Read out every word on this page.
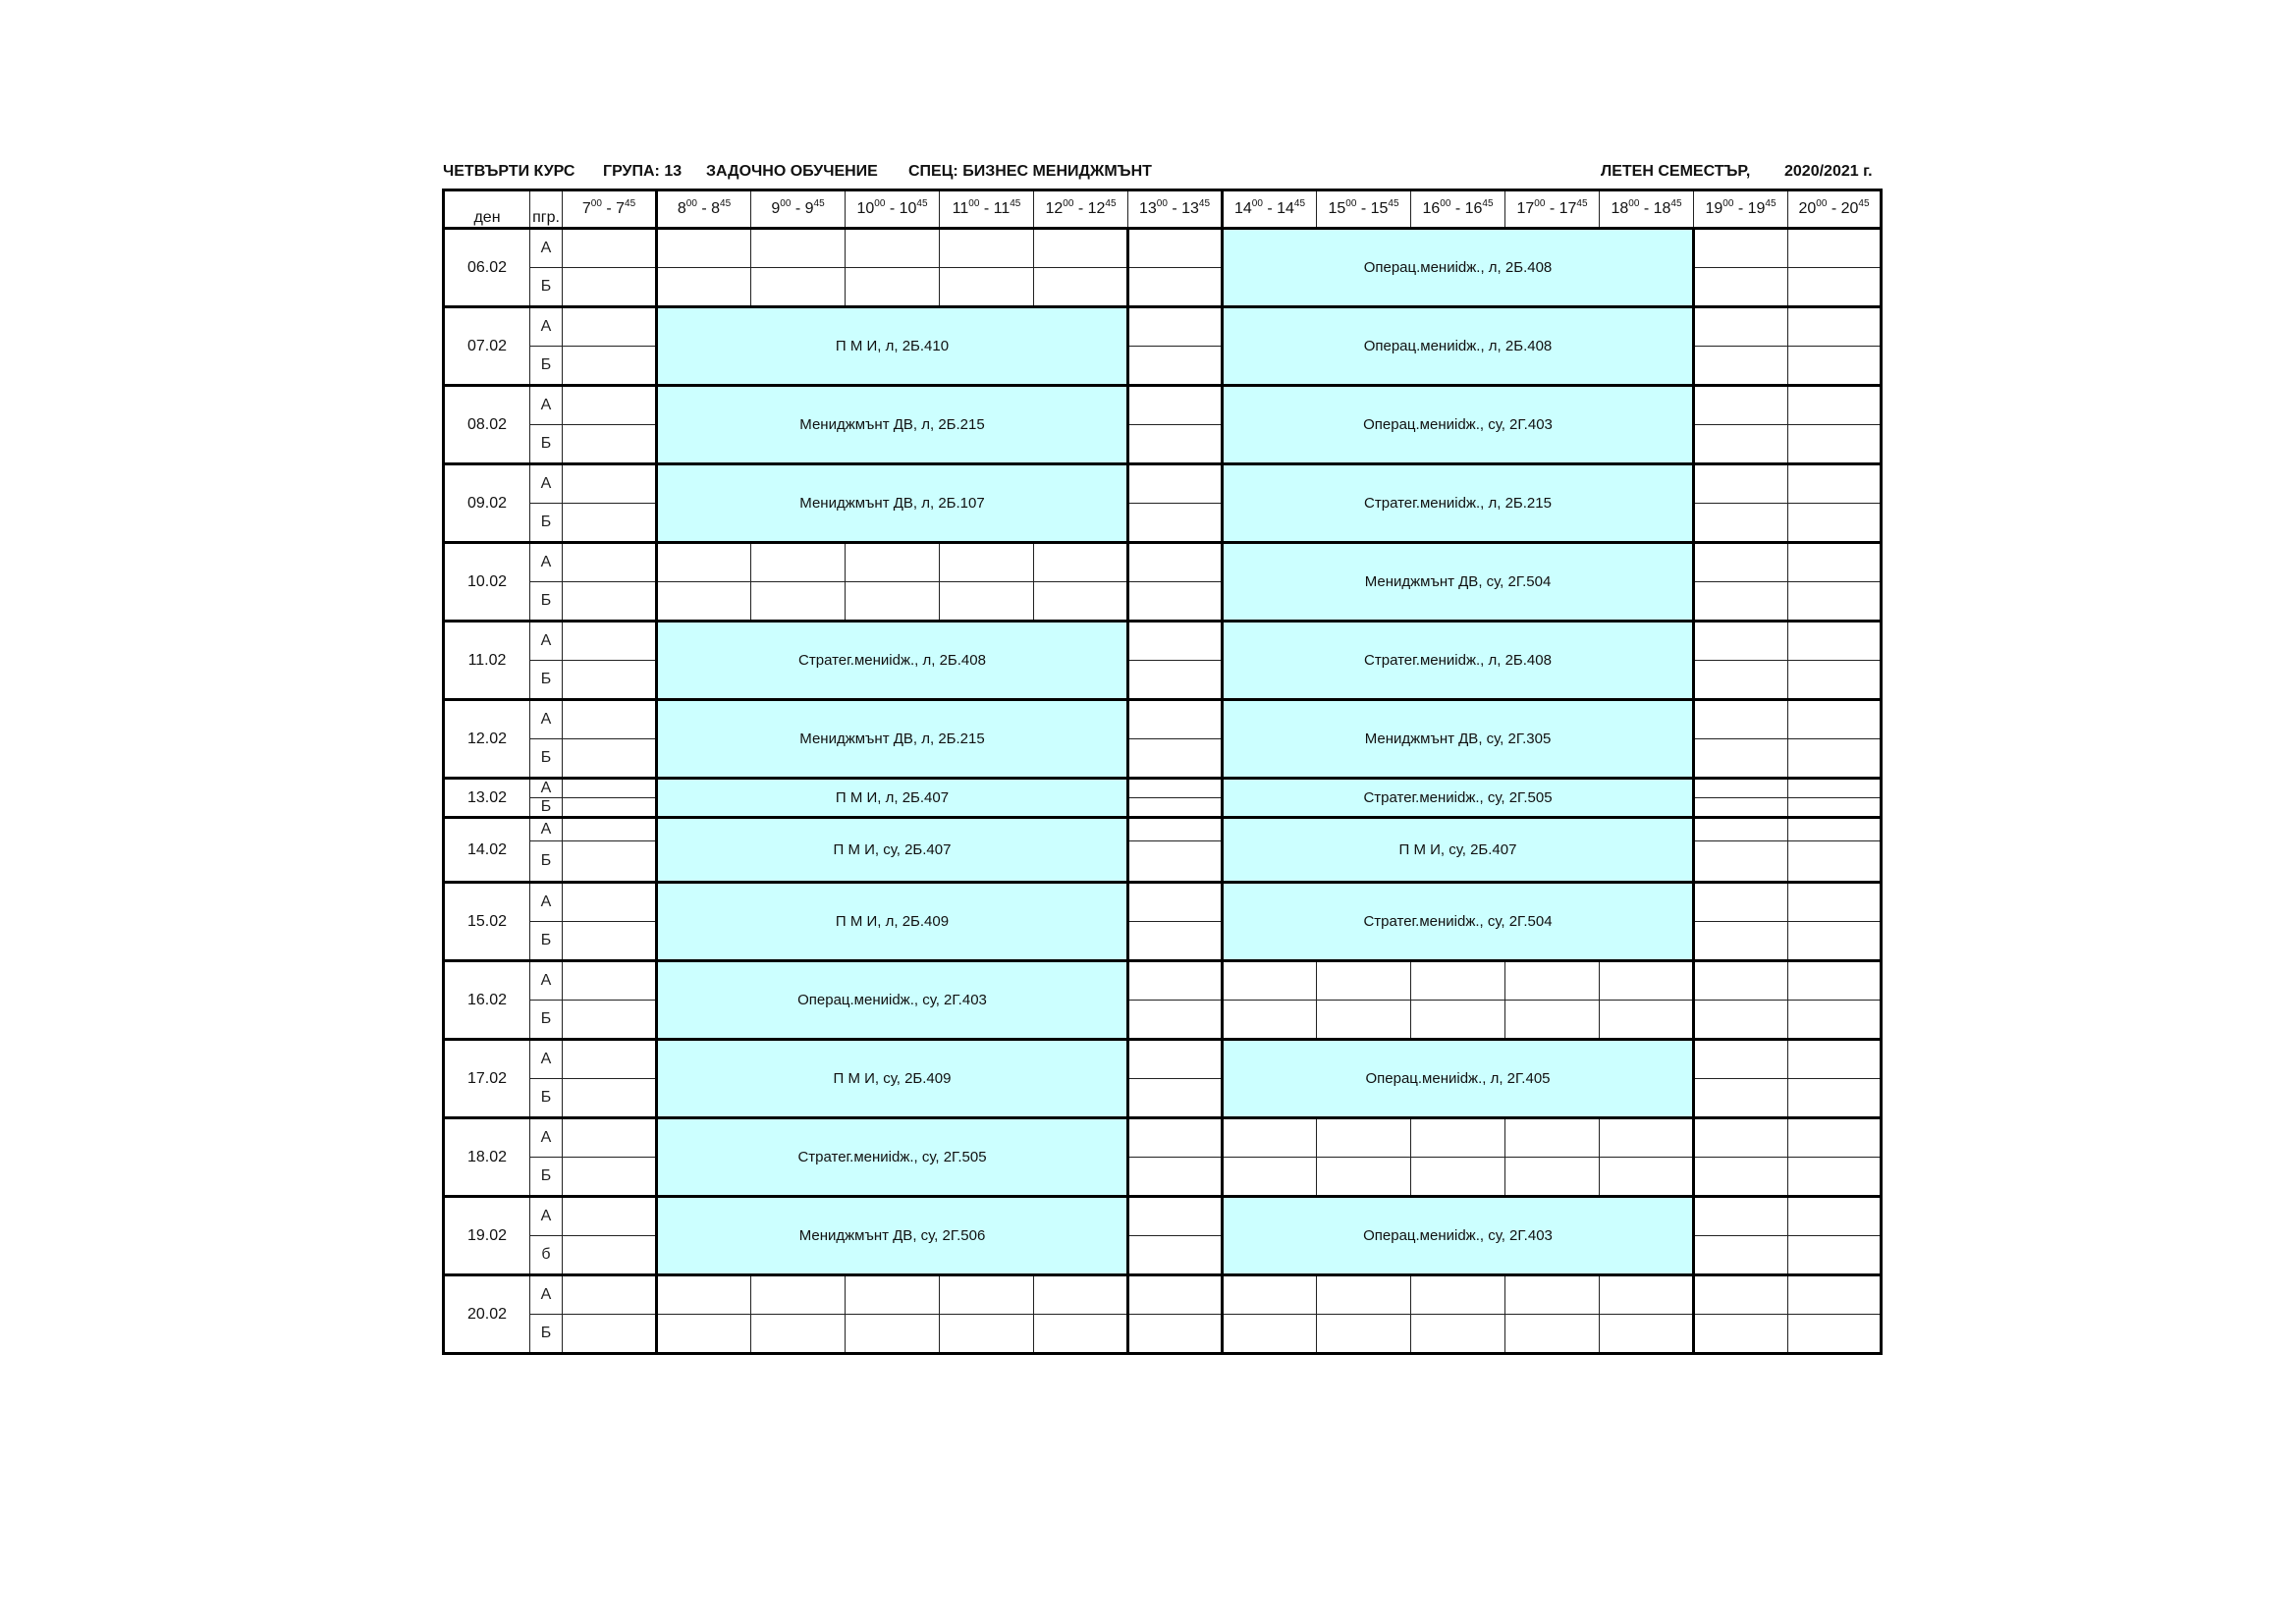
ЧЕТВЪРТИ КУРС ГРУПА: 13 ЗАДОЧНО ОБУЧЕНИЕ СПЕЦ: БИЗНЕС МЕНИДЖМЪНТ	ЛЕТЕН СЕМЕСТЪР, 2020/2021 г.
ден	пгр.	$7^{00} - 7^{45}$	$8^{00} - 8^{45}$	$9^{00} - 9^{45}$	$10^{00} - 10^{45}$	$11^{00} - 11^{45}$	$12^{00} - 12^{45}$	$13^{00} - 13^{45}$	$14^{00} - 14^{45}$	$15^{00} - 15^{45}$	$16^{00} - 16^{45}$	$17^{00} - 17^{45}$	$18^{00} - 18^{45}$	$19^{00} - 19^{45}$	$20^{00} - 20^{45}$
06.02	А								Операц.мениidж., л, 2Б.408						
	Б														
07.02	А		П М И, л, 2Б.410						Операц.мениidж., л, 2Б.408						
	Б														
08.02	А		Мениджмънт ДВ, л, 2Б.215						Операц.мениidж., су, 2Г.403						
	Б														
09.02	А		Мениджмънт ДВ, л, 2Б.107						Стратег.мениidж., л, 2Б.215						
	Б														
10.02	А								Мениджмънт ДВ, су, 2Г.504						
	Б														
11.02	А		Стратег.мениidж., л, 2Б.408						Стратег.мениidж., л, 2Б.408						
	Б														
12.02	А		Мениджмънт ДВ, л, 2Б.215						Мениджмънт ДВ, су, 2Г.305						
	Б														
13.02	А		П М И, л, 2Б.407						Стратег.мениidж., су, 2Г.505						
	Б														
14.02	А		П М И, су, 2Б.407						П М И, су, 2Б.407						
	Б														
15.02	А		П М И, л, 2Б.409						Стратег.мениidж., су, 2Г.504						
	Б														
16.02	А		Операц.мениidж., су, 2Г.403												
	Б														
17.02	А		П М И, су, 2Б.409						Операц.мениidж., л, 2Г.405						
	Б														
18.02	А		Стратег.мениidж., су, 2Г.505												
	Б														
19.02	А		Мениджмънт ДВ, су, 2Г.506						Операц.мениidж., су, 2Г.403						
	б														
20.02	А														
	Б														
